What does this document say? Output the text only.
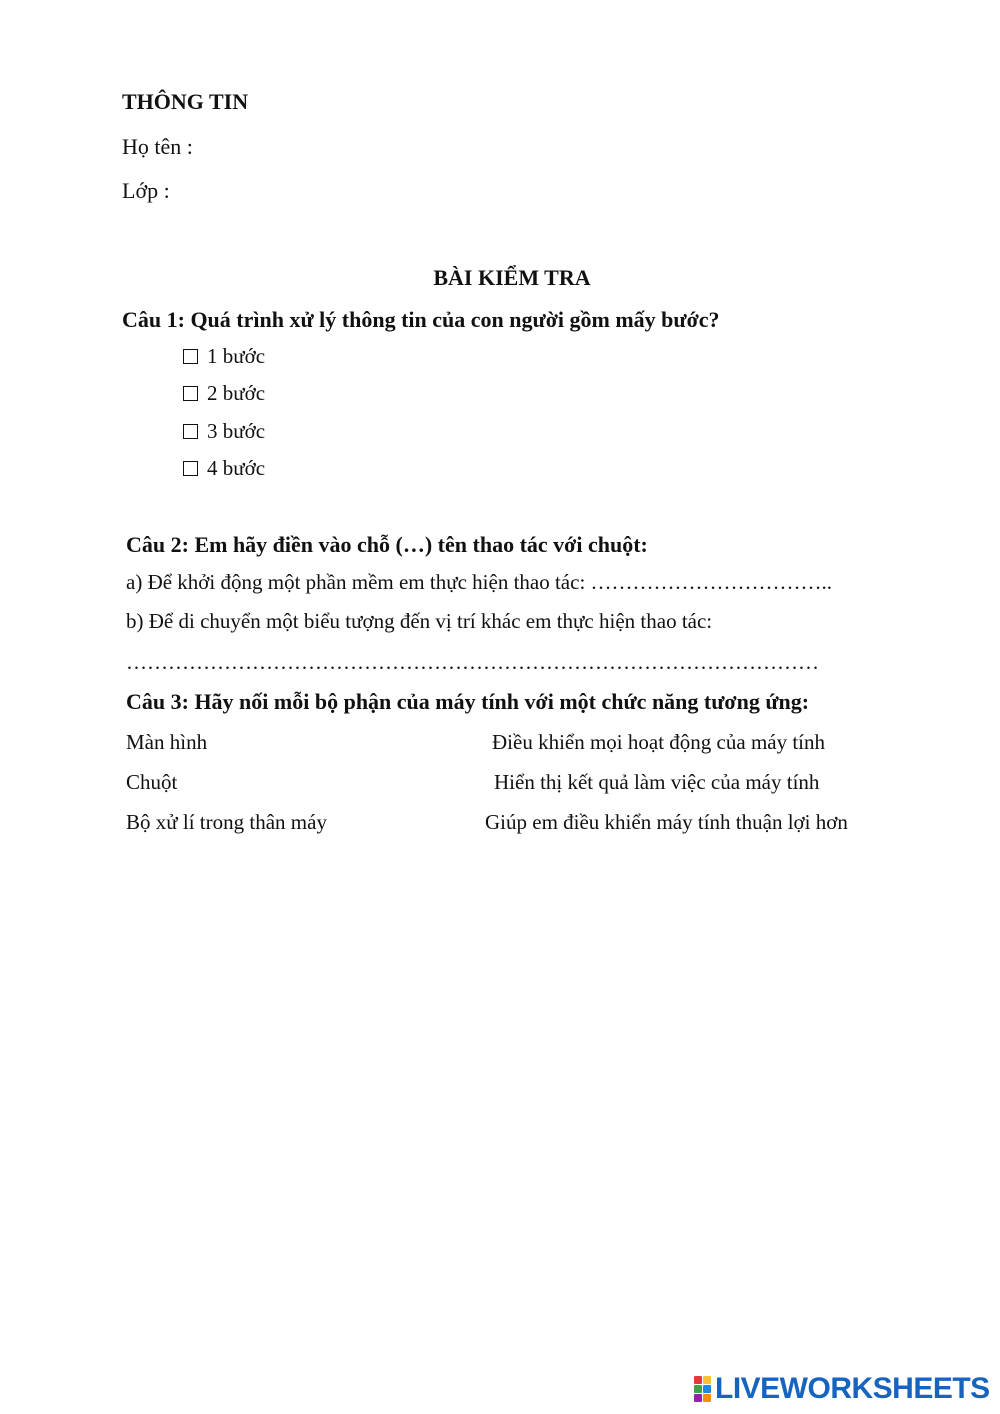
THÔNG TIN
Họ tên :
Lớp :
BÀI KIỂM TRA
Câu 1: Quá trình xử lý thông tin của con người gồm mấy bước?
1 bước
2 bước
3 bước
4 bước
Câu 2: Em hãy điền vào chỗ (…) tên thao tác với chuột:
a) Để khởi động một phần mềm em thực hiện thao tác: ……………………………..
b) Để di chuyển một biểu tượng đến vị trí khác em thực hiện thao tác:
………………………………………………………………………………………
Câu 3: Hãy nối mỗi bộ phận của máy tính với một chức năng tương ứng:
Màn hình
Chuột
Bộ xử lí trong thân máy
Điều khiển mọi hoạt động của máy tính
Hiển thị kết quả làm việc của máy tính
Giúp em điều khiển máy tính thuận lợi hơn
LIVEWORKSHEETS
